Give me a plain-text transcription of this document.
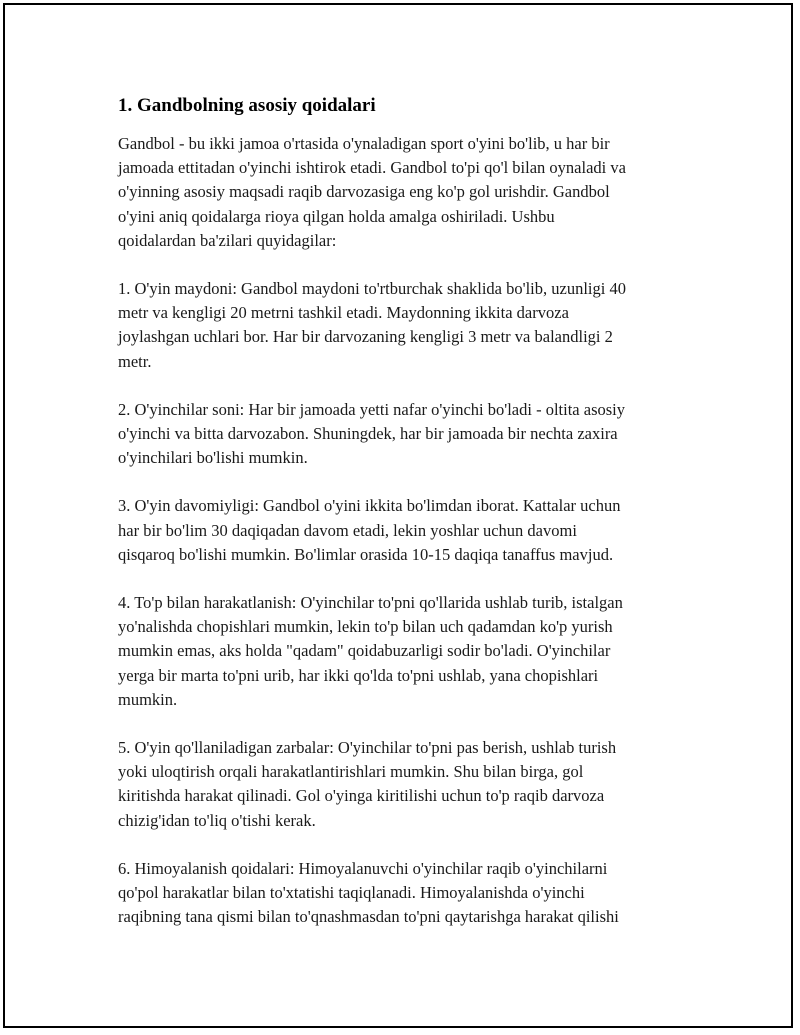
1. Gandbolning asosiy qoidalari

Gandbol - bu ikki jamoa o'rtasida o'ynaladigan sport o'yini bo'lib, u har bir
jamoada ettitadan o'yinchi ishtirok etadi. Gandbol to'pi qo'l bilan oynaladi va
o'yinning asosiy maqsadi raqib darvozasiga eng ko'p gol urishdir. Gandbol
o'yini aniq qoidalarga rioya qilgan holda amalga oshiriladi. Ushbu
qoidalardan ba'zilari quyidagilar:

1. O'yin maydoni: Gandbol maydoni to'rtburchak shaklida bo'lib, uzunligi 40
metr va kengligi 20 metrni tashkil etadi. Maydonning ikkita darvoza
joylashgan uchlari bor. Har bir darvozaning kengligi 3 metr va balandligi 2
metr.

2. O'yinchilar soni: Har bir jamoada yetti nafar o'yinchi bo'ladi - oltita asosiy
o'yinchi va bitta darvozabon. Shuningdek, har bir jamoada bir nechta zaxira
o'yinchilari bo'lishi mumkin.

3. O'yin davomiyligi: Gandbol o'yini ikkita bo'limdan iborat. Kattalar uchun
har bir bo'lim 30 daqiqadan davom etadi, lekin yoshlar uchun davomi
qisqaroq bo'lishi mumkin. Bo'limlar orasida 10-15 daqiqa tanaffus mavjud.

4. To'p bilan harakatlanish: O'yinchilar to'pni qo'llarida ushlab turib, istalgan
yo'nalishda chopishlari mumkin, lekin to'p bilan uch qadamdan ko'p yurish
mumkin emas, aks holda "qadam" qoidabuzarligi sodir bo'ladi. O'yinchilar
yerga bir marta to'pni urib, har ikki qo'lda to'pni ushlab, yana chopishlari
mumkin.

5. O'yin qo'llaniladigan zarbalar: O'yinchilar to'pni pas berish, ushlab turish
yoki uloqtirish orqali harakatlantirishlari mumkin. Shu bilan birga, gol
kiritishda harakat qilinadi. Gol o'yinga kiritilishi uchun to'p raqib darvoza
chizig'idan to'liq o'tishi kerak.

6. Himoyalanish qoidalari: Himoyalanuvchi o'yinchilar raqib o'yinchilarni
qo'pol harakatlar bilan to'xtatishi taqiqlanadi. Himoyalanishda o'yinchi
raqibning tana qismi bilan to'qnashmasdan to'pni qaytarishga harakat qilishi
